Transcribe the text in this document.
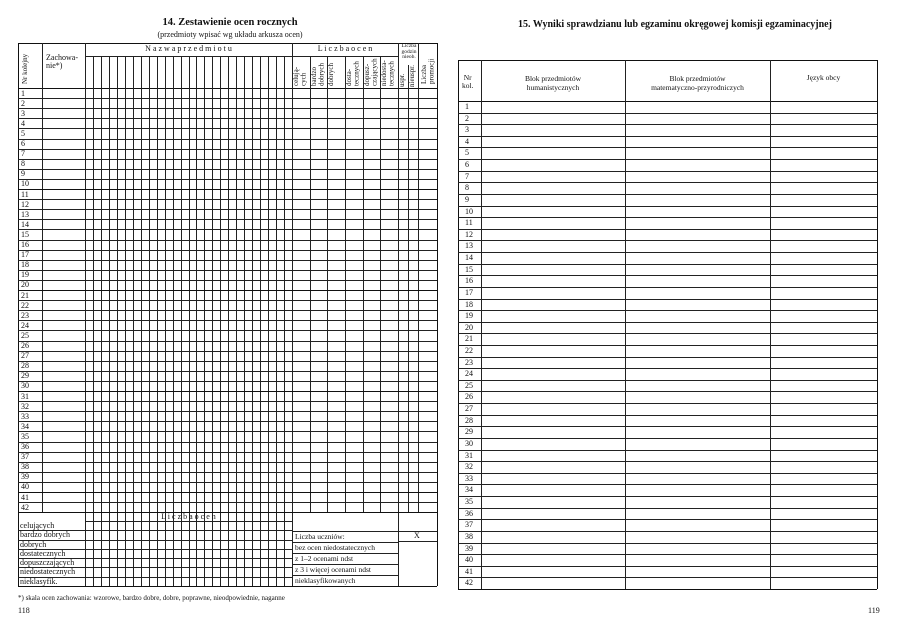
14. Zestawienie ocen rocznych
(przedmioty wpisać wg układu arkusza ocen)
Nr kolejny Zachowa-
nie*)
N a z w a p r z e d m i o t u	L i c z b a o c e n
celują-
cych bardzo
dobrych dobrych dosta-
tecznych dopusz-
czających niedosta-
tecznych
Liczba
godzin
nieob.
uspr. nieuspr. Liczba
promocji
1
2
3
4
5
6
7
8
9
10
11
12
13
14
15
16
17
18
19
20
21
22
23
24
25
26
27
28
29
30
31
32
33
34
35
36
37
38
39
40
41
42
L i c z b a o c e n
celujących
bardzo dobrych
dobrych
dostatecznych
dopuszczających
niedostatecznych
nieklasyfik.
Liczba uczniów:
bez ocen niedostatecznych
z 1–2 ocenami ndst
z 3 i więcej ocenami ndst
nieklasyfikowanych
X
*) skala ocen zachowania: wzorowe, bardzo dobre, dobre, poprawne, nieodpowiednie, naganne
118
15. Wyniki sprawdzianu lub egzaminu okręgowej komisji egzaminacyjnej
Nr
kol.
Blok przedmiotów
humanistycznych
Blok przedmiotów
matematyczno-przyrodniczych
Język obcy
1
2
3
4
5
6
7
8
9
10
11
12
13
14
15
16
17
18
19
20
21
22
23
24
25
26
27
28
29
30
31
32
33
34
35
36
37
38
39
40
41
42
119
